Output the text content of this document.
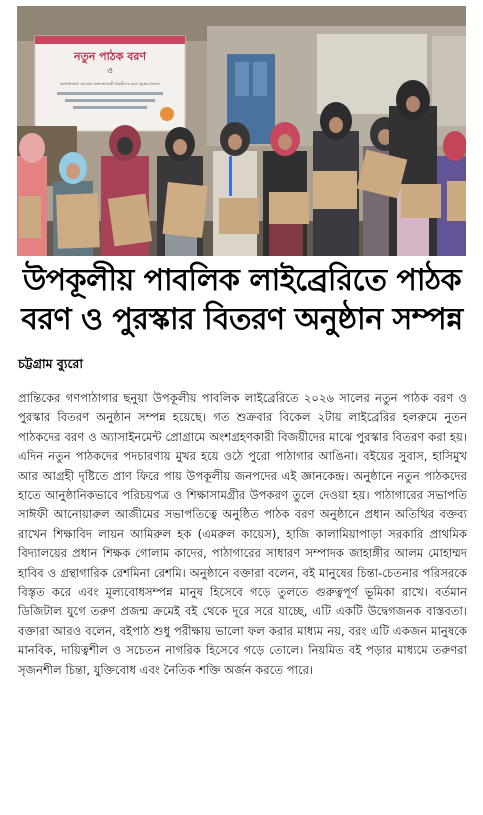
নতুন পাঠক বরণ
ও
অ্যাসাইনমেন্ট প্রোগ্রামে অংশগ্রহণকারী বিজয়ীদের মাঝে পুরস্কার বিতরণ
উপকূলীয় পাবলিক লাইব্রেরিতে পাঠক
বরণ ও পুরস্কার বিতরণ অনুষ্ঠান সম্পন্ন
চট্টগ্রাম ব্যুরো
প্রান্তিকের গণপাঠাগার ছনুয়া উপকূলীয় পাবলিক লাইব্রেরিতে ২০২৬ সালের নতুন পাঠক বরণ ও পুরস্কার বিতরণ অনুষ্ঠান সম্পন্ন হয়েছে। গত শুক্রবার বিকেল ২টায় লাইব্রেরির হলরুমে নুতন পাঠকদের বরণ ও অ্যাসাইনমেন্ট প্রোগ্রামে অংশগ্রহণকারী বিজয়ীদের মাঝে পুরস্কার বিতরণ করা হয়। এদিন নতুন পাঠকদের পদচারণায় মুখর হয়ে ওঠে পুরো পাঠাগার আঙিনা। বইয়ের সুবাস, হাসিমুখ আর আগ্রহী দৃষ্টিতে প্রাণ ফিরে পায় উপকূলীয় জনপদের এই জ্ঞানকেন্দ্র। অনুষ্ঠানে নতুন পাঠকদের হাতে আনুষ্ঠানিকভাবে পরিচয়পত্র ও শিক্ষাসামগ্রীর উপকরণ তুলে দেওয়া হয়। পাঠাগারের সভাপতি সাঈফী আনোয়ারুল আজীমের সভাপতিত্বে অনুষ্ঠিত পাঠক বরণ অনুষ্ঠানে প্রধান অতিথির বক্তব্য রাখেন শিক্ষাবিদ লায়ন আমিরুল হক (এমরুল কায়েস), হাজি কালামিয়াপাড়া সরকারি প্রাথমিক বিদ্যালয়ের প্রধান শিক্ষক গোলাম কাদের, পাঠাগারের সাধারণ সম্পাদক জাহাঙ্গীর আলম মোহাম্মদ হাবিব ও গ্রন্থাগারিক রেশমিনা রেশমি। অনুষ্ঠানে বক্তারা বলেন, বই মানুষের চিন্তা-চেতনার পরিসরকে বিস্তৃত করে এবং মূল্যবোধসম্পন্ন মানুষ হিসেবে গড়ে তুলতে গুরুত্বপূর্ণ ভূমিকা রাখে। বর্তমান ডিজিটাল যুগে তরুণ প্রজন্ম ক্রমেই বই থেকে দূরে সরে যাচ্ছে, এটি একটি উদ্বেগজনক বাস্তবতা। বক্তারা আরও বলেন, বইপাঠ শুধু পরীক্ষায় ভালো ফল করার মাধ্যম নয়, বরং এটি একজন মানুষকে মানবিক, দায়িত্বশীল ও সচেতন নাগরিক হিসেবে গড়ে তোলে। নিয়মিত বই পড়ার মাধ্যমে তরুণরা সৃজনশীল চিন্তা, যুক্তিবোধ এবং নৈতিক শক্তি অর্জন করতে পারে।
